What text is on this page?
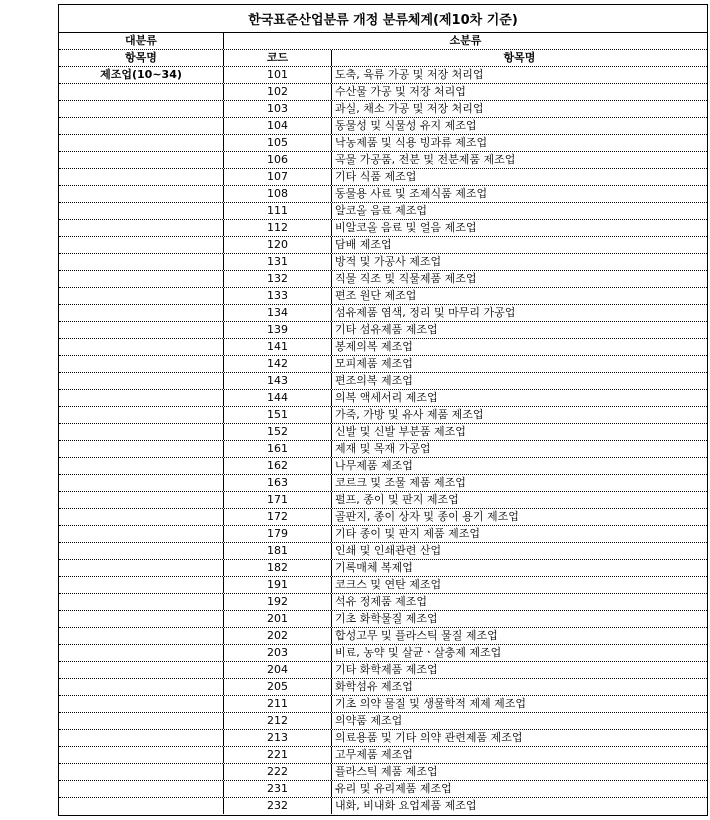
한국표준산업분류 개정 분류체계(제10차 기준)
대분류	소분류
항목명	코드	항목명
제조업(10~34)	101	도축, 육류 가공 및 저장 처리업
102	수산물 가공 및 저장 처리업
103	과실, 채소 가공 및 저장 처리업
104	동물성 및 식물성 유지 제조업
105	낙농제품 및 식용 빙과류 제조업
106	곡물 가공품, 전분 및 전분제품 제조업
107	기타 식품 제조업
108	동물용 사료 및 조제식품 제조업
111	알코올 음료 제조업
112	비알코올 음료 및 얼음 제조업
120	담배 제조업
131	방적 및 가공사 제조업
132	직물 직조 및 직물제품 제조업
133	편조 원단 제조업
134	섬유제품 염색, 정리 및 마무리 가공업
139	기타 섬유제품 제조업
141	봉제의복 제조업
142	모피제품 제조업
143	편조의복 제조업
144	의복 액세서리 제조업
151	가죽, 가방 및 유사 제품 제조업
152	신발 및 신발 부분품 제조업
161	제재 및 목재 가공업
162	나무제품 제조업
163	코르크 및 조물 제품 제조업
171	펄프, 종이 및 판지 제조업
172	골판지, 종이 상자 및 종이 용기 제조업
179	기타 종이 및 판지 제품 제조업
181	인쇄 및 인쇄관련 산업
182	기록매체 복제업
191	코크스 및 연탄 제조업
192	석유 정제품 제조업
201	기초 화학물질 제조업
202	합성고무 및 플라스틱 물질 제조업
203	비료, 농약 및 살균ㆍ살충제 제조업
204	기타 화학제품 제조업
205	화학섬유 제조업
211	기초 의약 물질 및 생물학적 제제 제조업
212	의약품 제조업
213	의료용품 및 기타 의약 관련제품 제조업
221	고무제품 제조업
222	플라스틱 제품 제조업
231	유리 및 유리제품 제조업
232	내화, 비내화 요업제품 제조업
